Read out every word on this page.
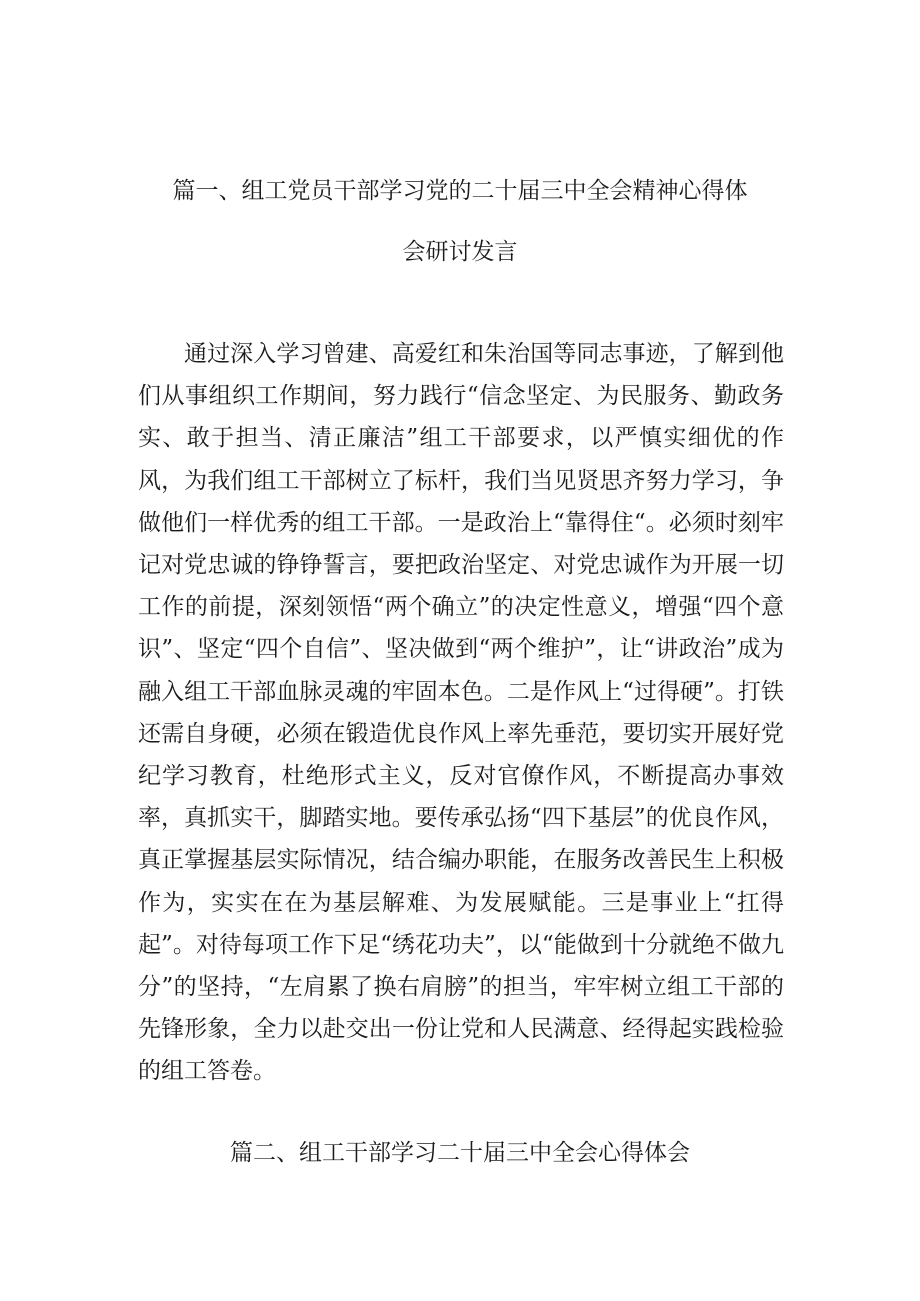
篇一、组工党员干部学习党的二十届三中全会精神心得体
会研讨发言

通过深入学习曾建、高爱红和朱治国等同志事迹，了解到他们从事组织工作期间，努力践行“信念坚定、为民服务、勤政务实、敢于担当、清正廉洁”组工干部要求，以严慎实细优的作风，为我们组工干部树立了标杆，我们当见贤思齐努力学习，争做他们一样优秀的组工干部。一是政治上“靠得住“。必须时刻牢记对党忠诚的铮铮誓言，要把政治坚定、对党忠诚作为开展一切工作的前提，深刻领悟“两个确立”的决定性意义，增强“四个意识”、坚定“四个自信”、坚决做到“两个维护”，让“讲政治”成为融入组工干部血脉灵魂的牢固本色。二是作风上“过得硬”。打铁还需自身硬，必须在锻造优良作风上率先垂范，要切实开展好党纪学习教育，杜绝形式主义，反对官僚作风，不断提高办事效率，真抓实干，脚踏实地。要传承弘扬“四下基层”的优良作风，真正掌握基层实际情况，结合编办职能，在服务改善民生上积极作为，实实在在为基层解难、为发展赋能。三是事业上“扛得起”。对待每项工作下足“绣花功夫”，以“能做到十分就绝不做九分”的坚持，“左肩累了换右肩膀”的担当，牢牢树立组工干部的先锋形象，全力以赴交出一份让党和人民满意、经得起实践检验的组工答卷。

篇二、组工干部学习二十届三中全会心得体会
